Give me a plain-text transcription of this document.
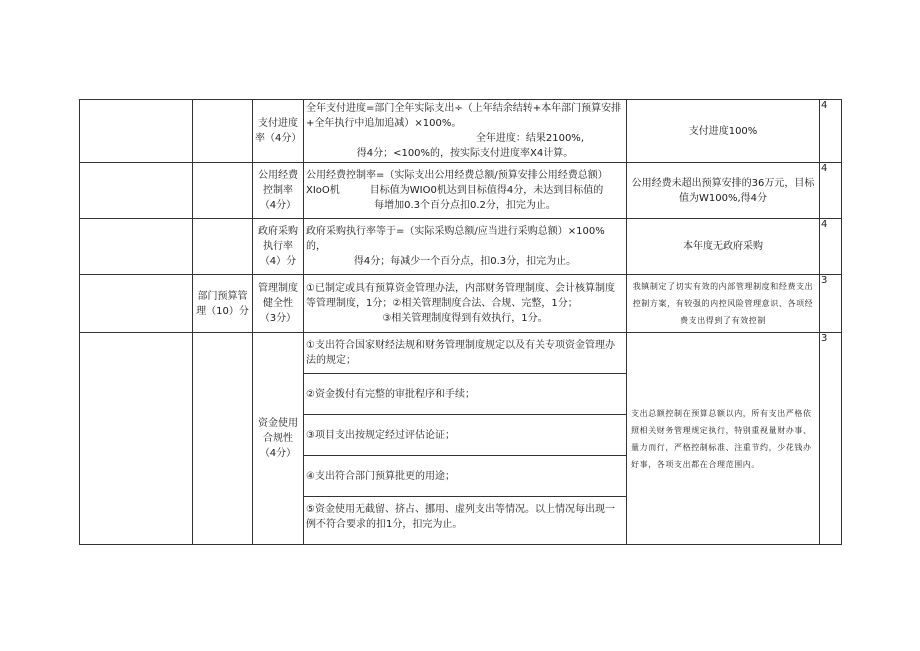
		支付进度率（4分）	全年支付进度=部门全年实际支出÷（上年结余结转+本年部门预算安排+全年执行中追加追减）×100%。

全年进度：结果2100%,
得4分；<100%的，按实际支付进度率X4计算。
	支付进度100%	
4

		公用经费控制率（4分）	公用经费控制率=（实际支出公用经费总额/预算安排公用经费总额）
XIoO机　　　目标值为WIO0机达到目标值得4分，未达到目标值的

每增加0.3个百分点扣0.2分，扣完为止。
	公用经费未超出预算安排的36万元，目标值为W100%,得4分	
4

		政府采购执行率（4）分	政府采购执行率等于=（实际采购总额/应当进行采购总额）×100%的，

得4分；每减少一个百分点，扣0.3分，扣完为止。
	本年度无政府采购	
4

	部门预算管理（10）分	管理制度健全性（3分）	①已制定或具有预算资金管理办法，内部财务管理制度、会计核算制度等管理制度，1分；②相关管理制度合法、合规、完整，1分；

③相关管理制度得到有效执行，1分。
	我镇制定了切实有效的内部管理制度和经费支出控制方案，有较强的内控风险管理意识、各项经费支出得到了有效控制	
3

		资金使用合规性（4分）	
①支出符合国家财经法规和财务管理制度规定以及有关专项资金管理办法的规定；
②资金拨付有完整的审批程序和手续；
③项目支出按规定经过评估论证；
④支出符合部门预算批更的用途；
⑤资金使用无截留、挤占、挪用、虚列支出等情况。以上情况每出现一例不符合要求的扣1分，扣完为止。
	支出总额控制在预算总额以内，所有支出严格依照相关财务管理规定执行，特别重视量财办事、量力而行，严格控制标准、注重节约，少花钱办好事，各项支出都在合理范围内。	
3
